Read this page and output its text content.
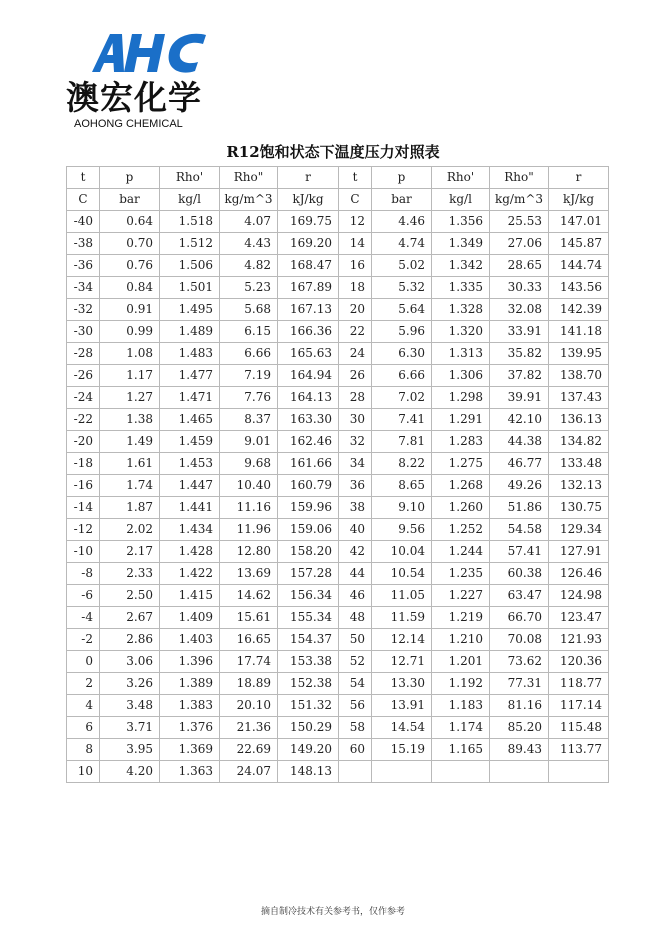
澳宏化学
AOHONG CHEMICAL
R12饱和状态下温度压力对照表
t	p	Rho'	Rho"	r	t	p	Rho'	Rho"	r
C	bar	kg/l	kg/m^3	kJ/kg	C	bar	kg/l	kg/m^3	kJ/kg
-40	0.64	1.518	4.07	169.75	12	4.46	1.356	25.53	147.01
-38	0.70	1.512	4.43	169.20	14	4.74	1.349	27.06	145.87
-36	0.76	1.506	4.82	168.47	16	5.02	1.342	28.65	144.74
-34	0.84	1.501	5.23	167.89	18	5.32	1.335	30.33	143.56
-32	0.91	1.495	5.68	167.13	20	5.64	1.328	32.08	142.39
-30	0.99	1.489	6.15	166.36	22	5.96	1.320	33.91	141.18
-28	1.08	1.483	6.66	165.63	24	6.30	1.313	35.82	139.95
-26	1.17	1.477	7.19	164.94	26	6.66	1.306	37.82	138.70
-24	1.27	1.471	7.76	164.13	28	7.02	1.298	39.91	137.43
-22	1.38	1.465	8.37	163.30	30	7.41	1.291	42.10	136.13
-20	1.49	1.459	9.01	162.46	32	7.81	1.283	44.38	134.82
-18	1.61	1.453	9.68	161.66	34	8.22	1.275	46.77	133.48
-16	1.74	1.447	10.40	160.79	36	8.65	1.268	49.26	132.13
-14	1.87	1.441	11.16	159.96	38	9.10	1.260	51.86	130.75
-12	2.02	1.434	11.96	159.06	40	9.56	1.252	54.58	129.34
-10	2.17	1.428	12.80	158.20	42	10.04	1.244	57.41	127.91
-8	2.33	1.422	13.69	157.28	44	10.54	1.235	60.38	126.46
-6	2.50	1.415	14.62	156.34	46	11.05	1.227	63.47	124.98
-4	2.67	1.409	15.61	155.34	48	11.59	1.219	66.70	123.47
-2	2.86	1.403	16.65	154.37	50	12.14	1.210	70.08	121.93
0	3.06	1.396	17.74	153.38	52	12.71	1.201	73.62	120.36
2	3.26	1.389	18.89	152.38	54	13.30	1.192	77.31	118.77
4	3.48	1.383	20.10	151.32	56	13.91	1.183	81.16	117.14
6	3.71	1.376	21.36	150.29	58	14.54	1.174	85.20	115.48
8	3.95	1.369	22.69	149.20	60	15.19	1.165	89.43	113.77
10	4.20	1.363	24.07	148.13					
摘自制冷技术有关参考书，仅作参考
